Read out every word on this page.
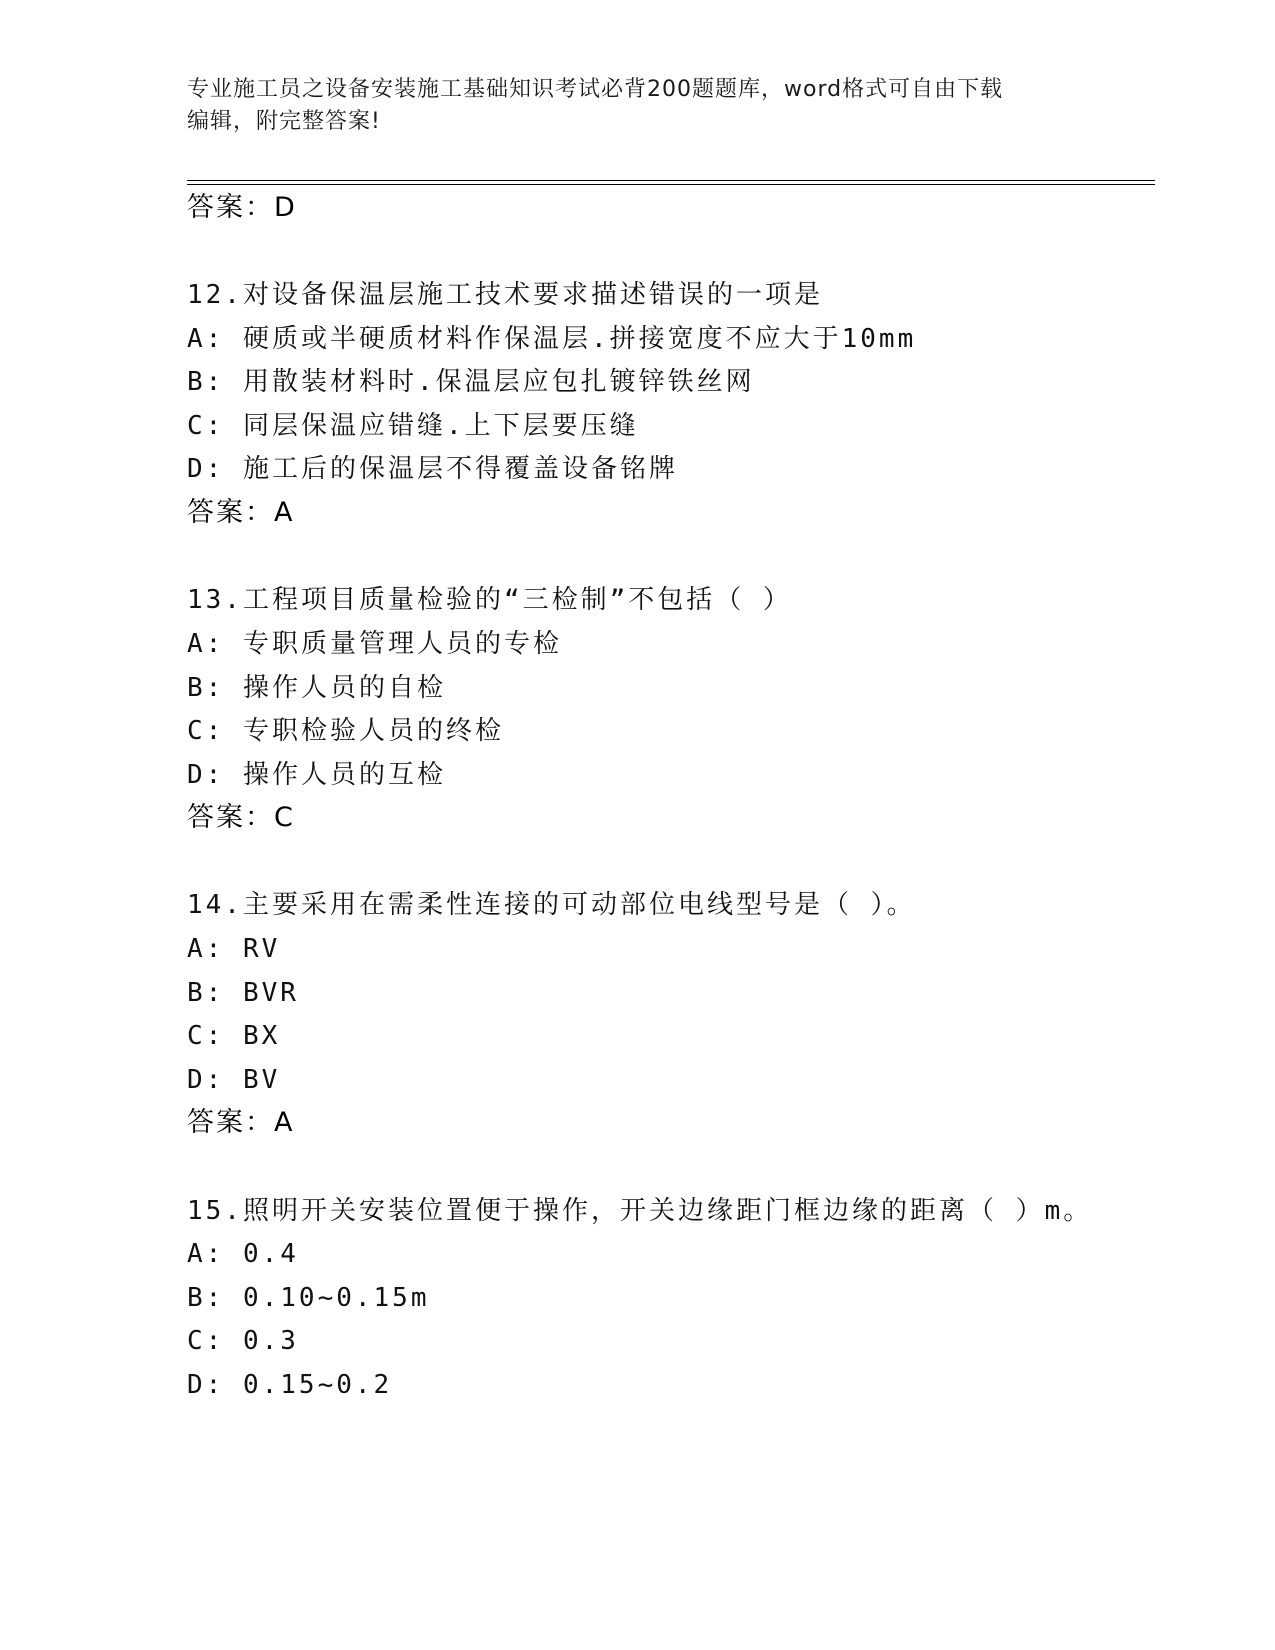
专业施工员之设备安装施工基础知识考试必背200题题库，word格式可自由下载
编辑，附完整答案!
答案：D
12.对设备保温层施工技术要求描述错误的一项是
A: 硬质或半硬质材料作保温层.拼接宽度不应大于10mm
B: 用散装材料时.保温层应包扎镀锌铁丝网
C: 同层保温应错缝.上下层要压缝
D: 施工后的保温层不得覆盖设备铭牌
答案：A
13.工程项目质量检验的“三检制”不包括（ ）
A: 专职质量管理人员的专检
B: 操作人员的自检
C: 专职检验人员的终检
D: 操作人员的互检
答案：C
14.主要采用在需柔性连接的可动部位电线型号是（ ）。
A: RV
B: BVR
C: BX
D: BV
答案：A
15.照明开关安装位置便于操作，开关边缘距门框边缘的距离（ ）m。
A: 0.4
B: 0.10~0.15m
C: 0.3
D: 0.15~0.2
